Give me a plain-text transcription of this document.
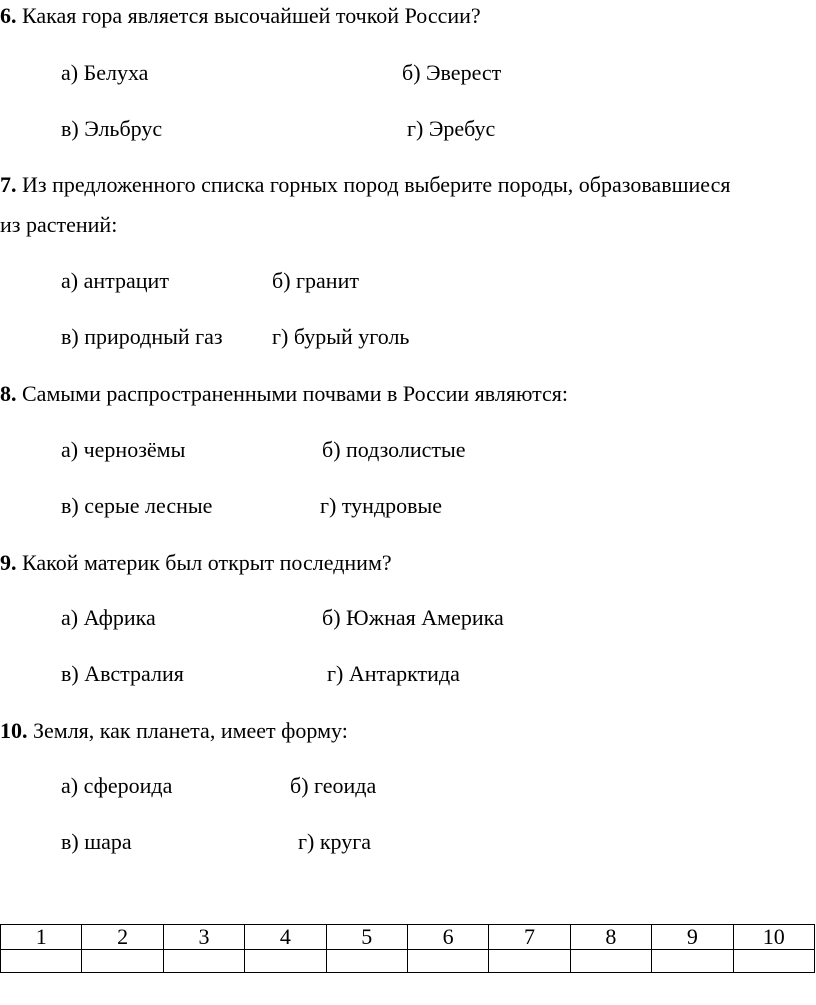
6. Какая гора является высочайшей точкой России?
а) Белуха	б) Эверест
в) Эльбрус	г) Эребус
7. Из предложенного списка горных пород выберите породы, образовавшиеся
из растений:
а) антрацит	б) гранит
в) природный газ г) бурый уголь
8. Самыми распространенными почвами в России являются:
а) чернозёмы	б) подзолистые
в) серые лесные	г) тундровые
9. Какой материк был открыт последним?
а) Африка	б) Южная Америка
в) Австралия	г) Антарктида
10. Земля, как планета, имеет форму:
а) сфероида	б) геоида
в) шара	г) круга
1	2	3	4	5	6	7	8	9	10
